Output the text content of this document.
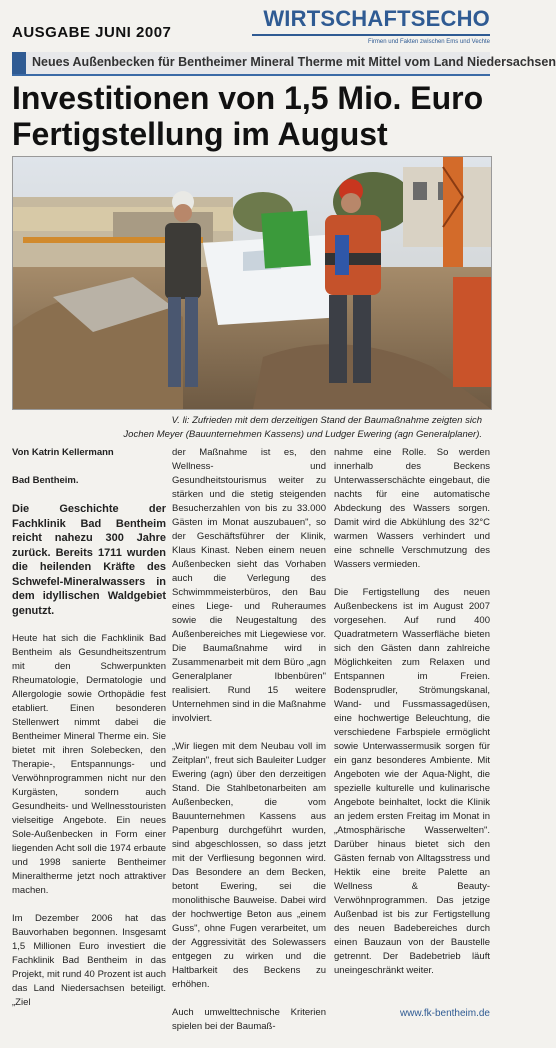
AUSGABE JUNI 2007
WIRTSCHAFTSECHO
Firmen und Fakten zwischen Ems und Vechte
Neues Außenbecken für Bentheimer Mineral Therme mit Mittel vom Land Niedersachsen
Investitionen von 1,5 Mio. Euro
Fertigstellung im August
V. li: Zufrieden mit dem derzeitigen Stand der Baumaßnahme zeigten sich
Jochen Meyer (Bauunternehmen Kassens) und Ludger Ewering (agn Generalplaner).
Von Katrin Kellermann
Bad Bentheim.
Die Geschichte der Fachklinik Bad Bentheim reicht nahezu 300 Jahre zurück. Bereits 1711 wurden die heilenden Kräfte des Schwefel-Mineralwassers in dem idyllischen Waldgebiet genutzt.

Heute hat sich die Fachklinik Bad Bentheim als Gesundheitszentrum mit den Schwerpunkten Rheumatologie, Dermatologie und Allergologie sowie Orthopädie fest etabliert. Einen besonderen Stellenwert nimmt dabei die Bentheimer Mineral Therme ein. Sie bietet mit ihren Solebecken, den Therapie-, Entspannungs- und Verwöhnprogrammen nicht nur den Kurgästen, sondern auch Gesundheits- und Wellnesstouristen vielseitige Angebote. Ein neues Sole-Außenbecken in Form einer liegenden Acht soll die 1974 erbaute und 1998 sanierte Bentheimer Mineraltherme jetzt noch attraktiver machen.

Im Dezember 2006 hat das Bauvorhaben begonnen. Insgesamt 1,5 Millionen Euro investiert die Fachklinik Bad Bentheim in das Projekt, mit rund 40 Prozent ist auch das Land Niedersachsen beteiligt. „Ziel

der Maßnahme ist es, den Wellness- und Gesundheitstourismus weiter zu stärken und die stetig steigenden Besucherzahlen von bis zu 33.000 Gästen im Monat auszubauen", so der Geschäftsführer der Klinik, Klaus Kinast. Neben einem neuen Außenbecken sieht das Vorhaben auch die Verlegung des Schwimmmeisterbüros, den Bau eines Liege- und Ruheraumes sowie die Neugestaltung des Außenbereiches mit Liegewiese vor. Die Baumaßnahme wird in Zusammenarbeit mit dem Büro „agn Generalplaner Ibbenbüren" realisiert. Rund 15 weitere Unternehmen sind in die Maßnahme involviert.

„Wir liegen mit dem Neubau voll im Zeitplan", freut sich Bauleiter Ludger Ewering (agn) über den derzeitigen Stand. Die Stahlbetonarbeiten am Außenbecken, die vom Bauunternehmen Kassens aus Papenburg durchgeführt wurden, sind abgeschlossen, so dass jetzt mit der Verfliesung begonnen wird. Das Besondere an dem Becken, betont Ewering, sei die monolithische Bauweise. Dabei wird der hochwertige Beton aus „einem Guss", ohne Fugen verarbeitet, um der Aggressivität des Solewassers entgegen zu wirken und die Haltbarkeit des Beckens zu erhöhen.

Auch umwelttechnische Kriterien spielen bei der Baumaß-

nahme eine Rolle. So werden innerhalb des Beckens Unterwasserschächte eingebaut, die nachts für eine automatische Abdeckung des Wassers sorgen. Damit wird die Abkühlung des 32°C warmen Wassers verhindert und eine schnelle Verschmutzung des Wassers vermieden.

Die Fertigstellung des neuen Außenbeckens ist im August 2007 vorgesehen. Auf rund 400 Quadratmetern Wasserfläche bieten sich den Gästen dann zahlreiche Möglichkeiten zum Relaxen und Entspannen im Freien. Bodensprudler, Strömungskanal, Wand- und Fussmassagedüsen, eine hochwertige Beleuchtung, die verschiedene Farbspiele ermöglicht sowie Unterwassermusik sorgen für ein ganz besonderes Ambiente. Mit Angeboten wie der Aqua-Night, die spezielle kulturelle und kulinarische Angebote beinhaltet, lockt die Klinik an jedem ersten Freitag im Monat in „Atmosphärische Wasserwelten". Darüber hinaus bietet sich den Gästen fernab von Alltagsstress und Hektik eine breite Palette an Wellness & Beauty-Verwöhnprogrammen. Das jetzige Außenbad ist bis zur Fertigstellung des neuen Badebereiches durch einen Bauzaun von der Baustelle getrennt. Der Badebetrieb läuft uneingeschränkt weiter.

www.fk-bentheim.de
